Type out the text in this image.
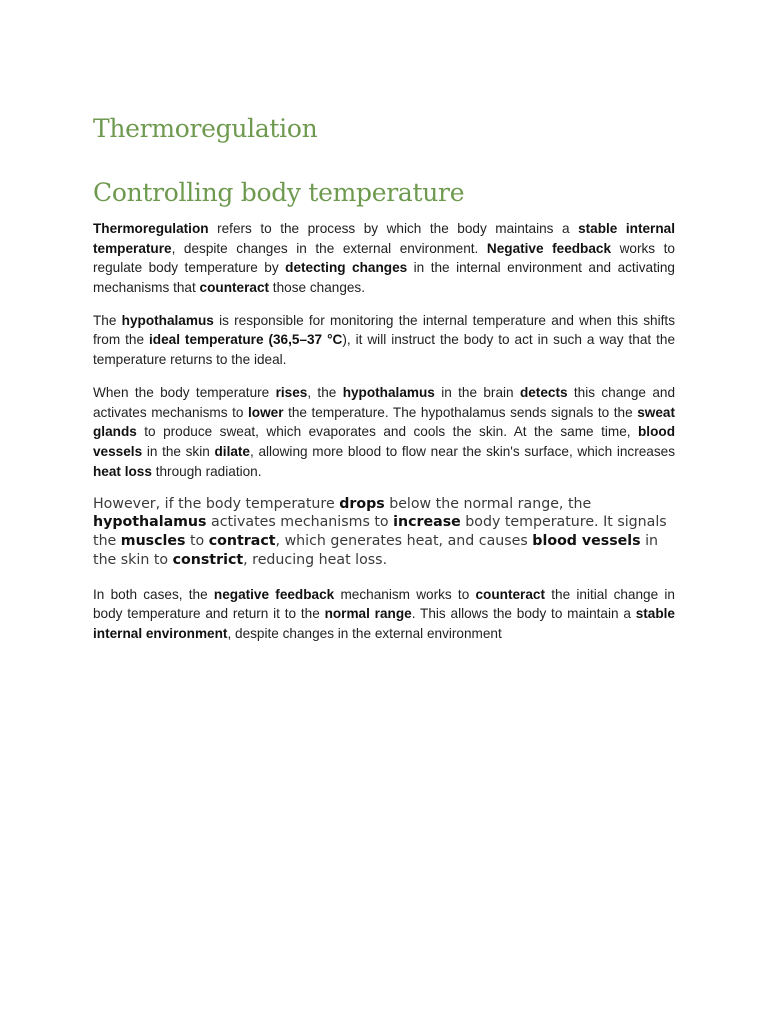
Thermoregulation
Controlling body temperature

Thermoregulation refers to the process by which the body maintains a stable internal temperature, despite changes in the external environment. Negative feedback works to regulate body temperature by detecting changes in the internal environment and activating mechanisms that counteract those changes.

The hypothalamus is responsible for monitoring the internal temperature and when this shifts from the ideal temperature (36,5–37 °C), it will instruct the body to act in such a way that the temperature returns to the ideal.

When the body temperature rises, the hypothalamus in the brain detects this change and activates mechanisms to lower the temperature. The hypothalamus sends signals to the sweat glands to produce sweat, which evaporates and cools the skin. At the same time, blood vessels in the skin dilate, allowing more blood to flow near the skin's surface, which increases heat loss through radiation.

However, if the body temperature drops below the normal range, the hypothalamus activates mechanisms to increase body temperature. It signals the muscles to contract, which generates heat, and causes blood vessels in the skin to constrict, reducing heat loss.

In both cases, the negative feedback mechanism works to counteract the initial change in body temperature and return it to the normal range. This allows the body to maintain a stable internal environment, despite changes in the external environment
